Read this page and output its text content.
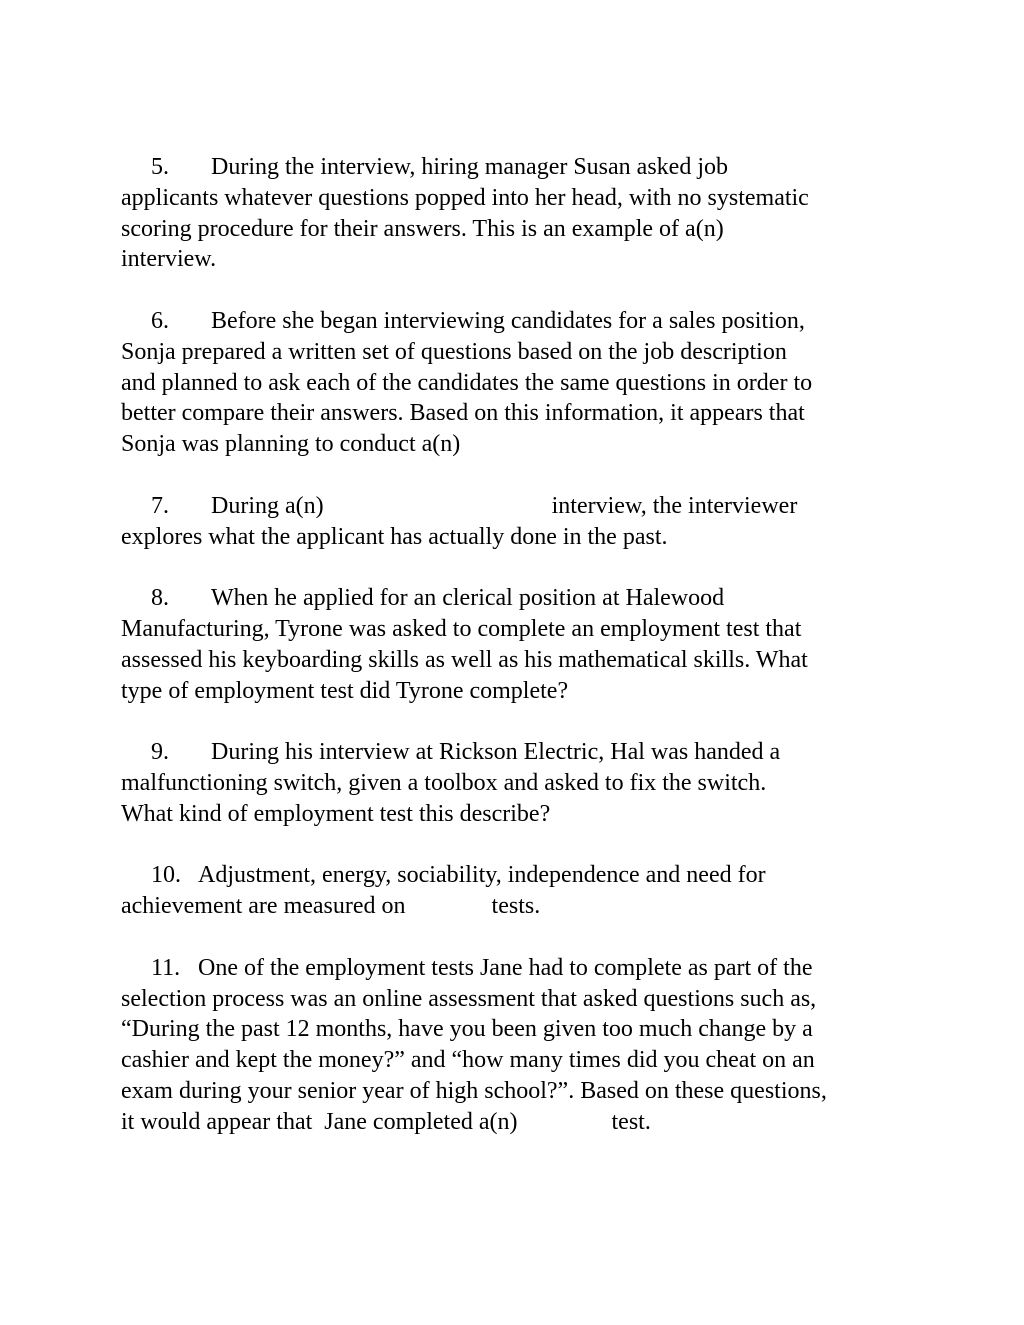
5. During the interview, hiring manager Susan asked job
applicants whatever questions popped into her head, with no systematic
scoring procedure for their answers. This is an example of a(n)
interview.
6. Before she began interviewing candidates for a sales position,
Sonja prepared a written set of questions based on the job description
and planned to ask each of the candidates the same questions in order to
better compare their answers. Based on this information, it appears that
Sonja was planning to conduct a(n)
7. During a(n)	interview, the interviewer
explores what the applicant has actually done in the past.
8. When he applied for an clerical position at Halewood
Manufacturing, Tyrone was asked to complete an employment test that
assessed his keyboarding skills as well as his mathematical skills. What
type of employment test did Tyrone complete?
9. During his interview at Rickson Electric, Hal was handed a
malfunctioning switch, given a toolbox and asked to fix the switch.
What kind of employment test this describe?
10. Adjustment, energy, sociability, independence and need for
achievement are measured on	tests.
11. One of the employment tests Jane had to complete as part of the
selection process was an online assessment that asked questions such as,
“During the past 12 months, have you been given too much change by a
cashier and kept the money?” and “how many times did you cheat on an
exam during your senior year of high school?”. Based on these questions,
it would appear that  Jane completed a(n)	test.
